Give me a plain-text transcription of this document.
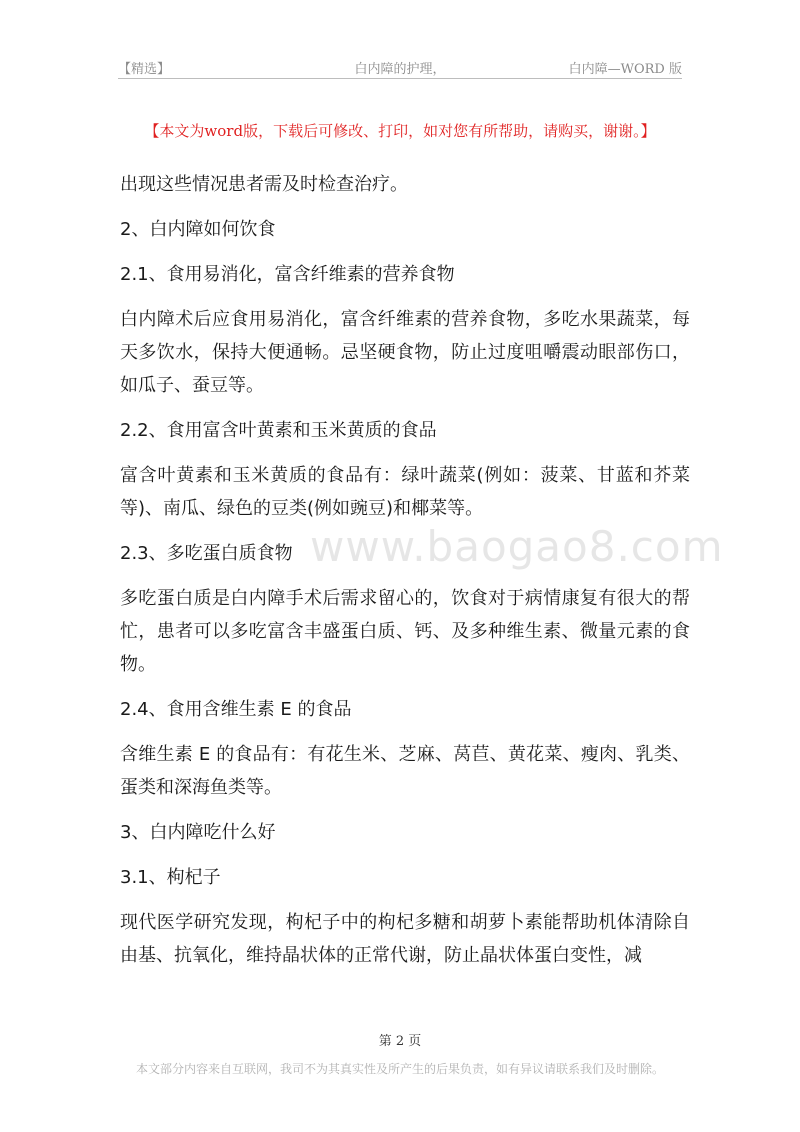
【精选】	白内障的护理，	白内障—WORD 版
【本文为word版，下载后可修改、打印，如对您有所帮助，请购买，谢谢。】
www.baogao8.com

出现这些情况患者需及时检查治疗。

2、白内障如何饮食

2.1、食用易消化，富含纤维素的营养食物

白内障术后应食用易消化，富含纤维素的营养食物，多吃水果蔬菜，每天多饮水，保持大便通畅。忌坚硬食物，防止过度咀嚼震动眼部伤口，如瓜子、蚕豆等。

2.2、食用富含叶黄素和玉米黄质的食品

富含叶黄素和玉米黄质的食品有：绿叶蔬菜(例如：菠菜、甘蓝和芥菜等)、南瓜、绿色的豆类(例如豌豆)和椰菜等。

2.3、多吃蛋白质食物

多吃蛋白质是白内障手术后需求留心的，饮食对于病情康复有很大的帮忙，患者可以多吃富含丰盛蛋白质、钙、及多种维生素、微量元素的食物。

2.4、食用含维生素 E 的食品

含维生素 E 的食品有：有花生米、芝麻、莴苣、黄花菜、瘦肉、乳类、蛋类和深海鱼类等。

3、白内障吃什么好

3.1、枸杞子

现代医学研究发现，枸杞子中的枸杞多糖和胡萝卜素能帮助机体清除自由基、抗氧化，维持晶状体的正常代谢，防止晶状体蛋白变性，减

第 2 页
本文部分内容来自互联网，我司不为其真实性及所产生的后果负责，如有异议请联系我们及时删除。
